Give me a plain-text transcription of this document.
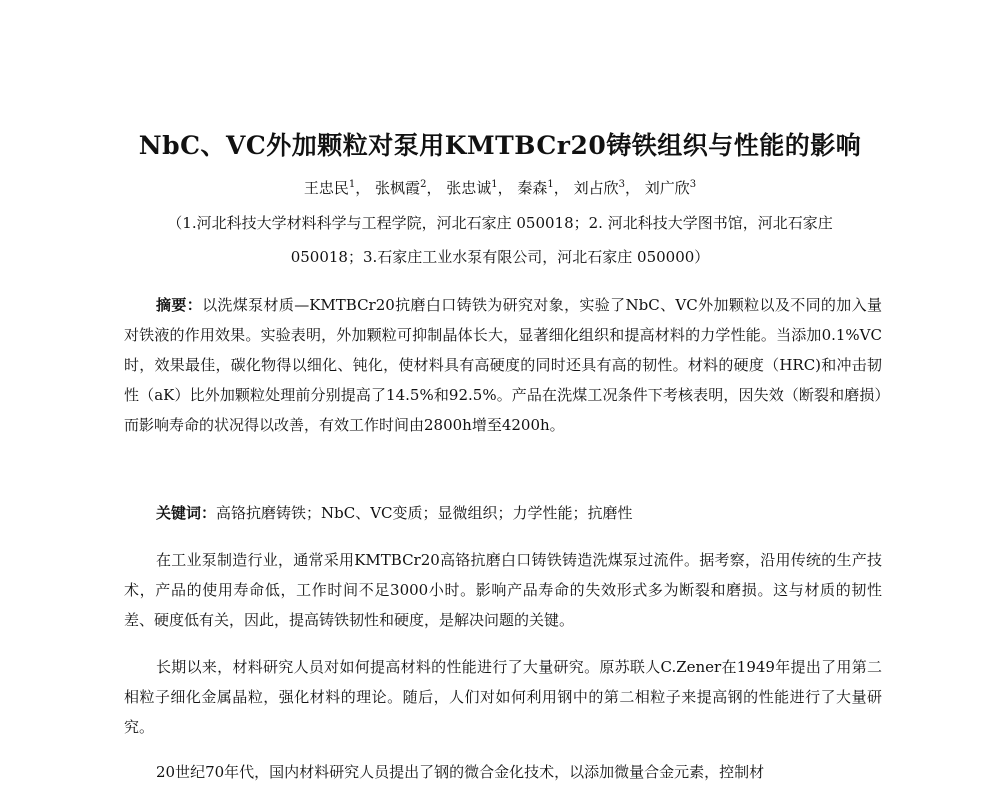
NbC、VC外加颗粒对泵用KMTBCr20铸铁组织与性能的影响
王忠民$^1$， 张枫霞$^2$， 张忠诚$^1$， 秦森$^1$， 刘占欣$^3$， 刘广欣$^3$
（1.河北科技大学材料科学与工程学院，河北石家庄 050018；2. 河北科技大学图书馆，河北石家庄
050018；3.石家庄工业水泵有限公司，河北石家庄 050000）

摘要：以洗煤泵材质—KMTBCr20抗磨白口铸铁为研究对象，实验了NbC、VC外加颗粒以及不同的加入量对铁液的作用效果。实验表明，外加颗粒可抑制晶体长大，显著细化组织和提高材料的力学性能。当添加0.1%VC时，效果最佳，碳化物得以细化、钝化，使材料具有高硬度的同时还具有高的韧性。材料的硬度（HRC)和冲击韧性（aK）比外加颗粒处理前分别提高了14.5%和92.5%。产品在洗煤工况条件下考核表明，因失效（断裂和磨损）而影响寿命的状况得以改善，有效工作时间由2800h增至4200h。

关键词：高铬抗磨铸铁；NbC、VC变质；显微组织；力学性能；抗磨性

在工业泵制造行业，通常采用KMTBCr20高铬抗磨白口铸铁铸造洗煤泵过流件。据考察，沿用传统的生产技术，产品的使用寿命低，工作时间不足3000小时。影响产品寿命的失效形式多为断裂和磨损。这与材质的韧性差、硬度低有关，因此，提高铸铁韧性和硬度，是解决问题的关键。

长期以来，材料研究人员对如何提高材料的性能进行了大量研究。原苏联人C.Zener在1949年提出了用第二相粒子细化金属晶粒，强化材料的理论。随后，人们对如何利用钢中的第二相粒子来提高钢的性能进行了大量研究。

20世纪70年代，国内材料研究人员提出了钢的微合金化技术，以添加微量合金元素，控制材
